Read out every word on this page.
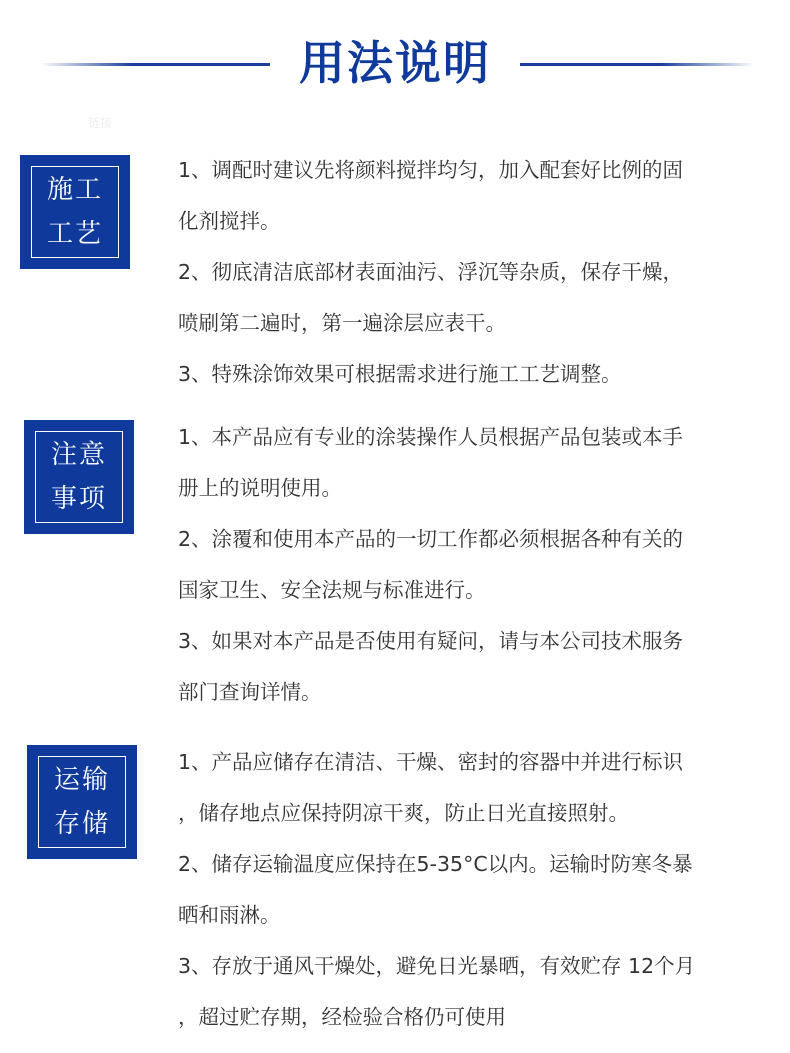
用法说明
链接
施工
工艺

1、调配时建议先将颜料搅拌均匀，加入配套好比例的固

化剂搅拌。

2、彻底清洁底部材表面油污、浮沉等杂质，保存干燥，

喷刷第二遍时，第一遍涂层应表干。

3、特殊涂饰效果可根据需求进行施工工艺调整。

注意
事项

1、本产品应有专业的涂装操作人员根据产品包装或本手

册上的说明使用。

2、涂覆和使用本产品的一切工作都必须根据各种有关的

国家卫生、安全法规与标准进行。

3、如果对本产品是否使用有疑问，请与本公司技术服务

部门查询详情。

运输
存储

1、产品应储存在清洁、干燥、密封的容器中并进行标识

，储存地点应保持阴凉干爽，防止日光直接照射。

2、储存运输温度应保持在5-35°C以内。运输时防寒冬暴

晒和雨淋。

3、存放于通风干燥处，避免日光暴晒，有效贮存 12个月

，超过贮存期，经检验合格仍可使用
